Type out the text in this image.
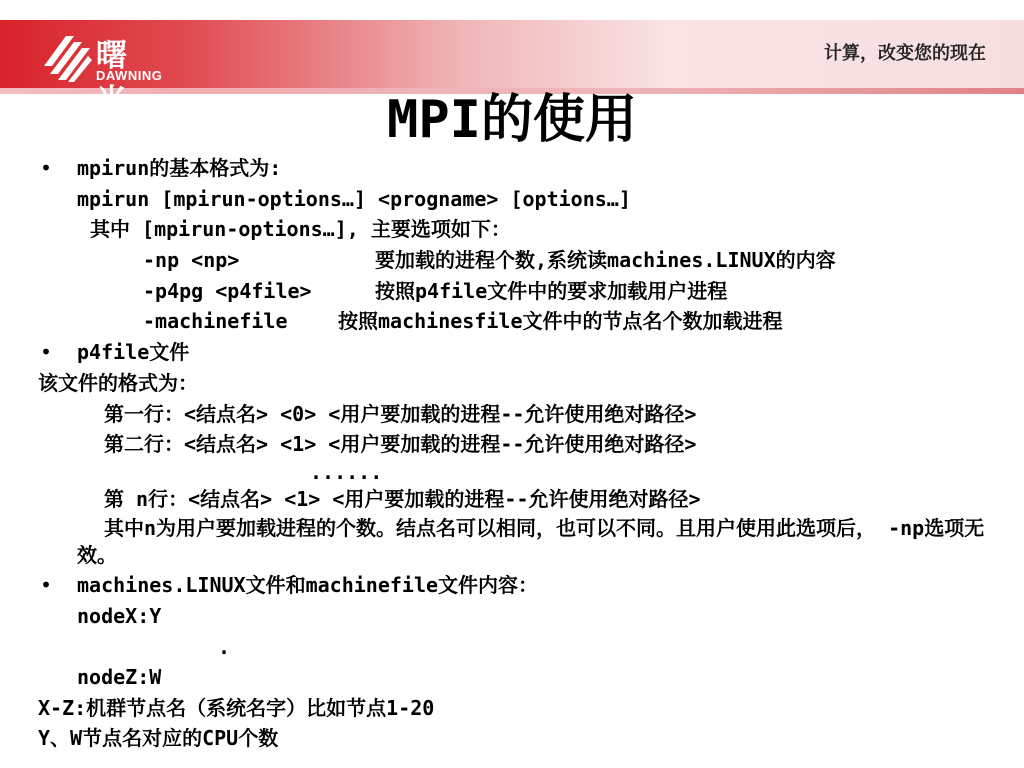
曙光
DAWNING
计算，改变您的现在
MPI的使用
• mpirun的基本格式为:
mpirun [mpirun-options…] <progname> [options…]
其中 [mpirun-options…], 主要选项如下：
-np <np>	要加载的进程个数,系统读machines.LINUX的内容
-p4pg <p4file>	按照p4file文件中的要求加载用户进程
-machinefile	按照machinesfile文件中的节点名个数加载进程
• p4file文件
该文件的格式为：
第一行：<结点名> <0> <用户要加载的进程--允许使用绝对路径>
第二行：<结点名> <1> <用户要加载的进程--允许使用绝对路径>
......
第 n行：<结点名> <1> <用户要加载的进程--允许使用绝对路径>
其中n为用户要加载进程的个数。结点名可以相同，也可以不同。且用户使用此选项后， -np选项无效。
• machines.LINUX文件和machinefile文件内容：
nodeX:Y
.
nodeZ:W
X-Z:机群节点名（系统名字）比如节点1-20
Y、W节点名对应的CPU个数
